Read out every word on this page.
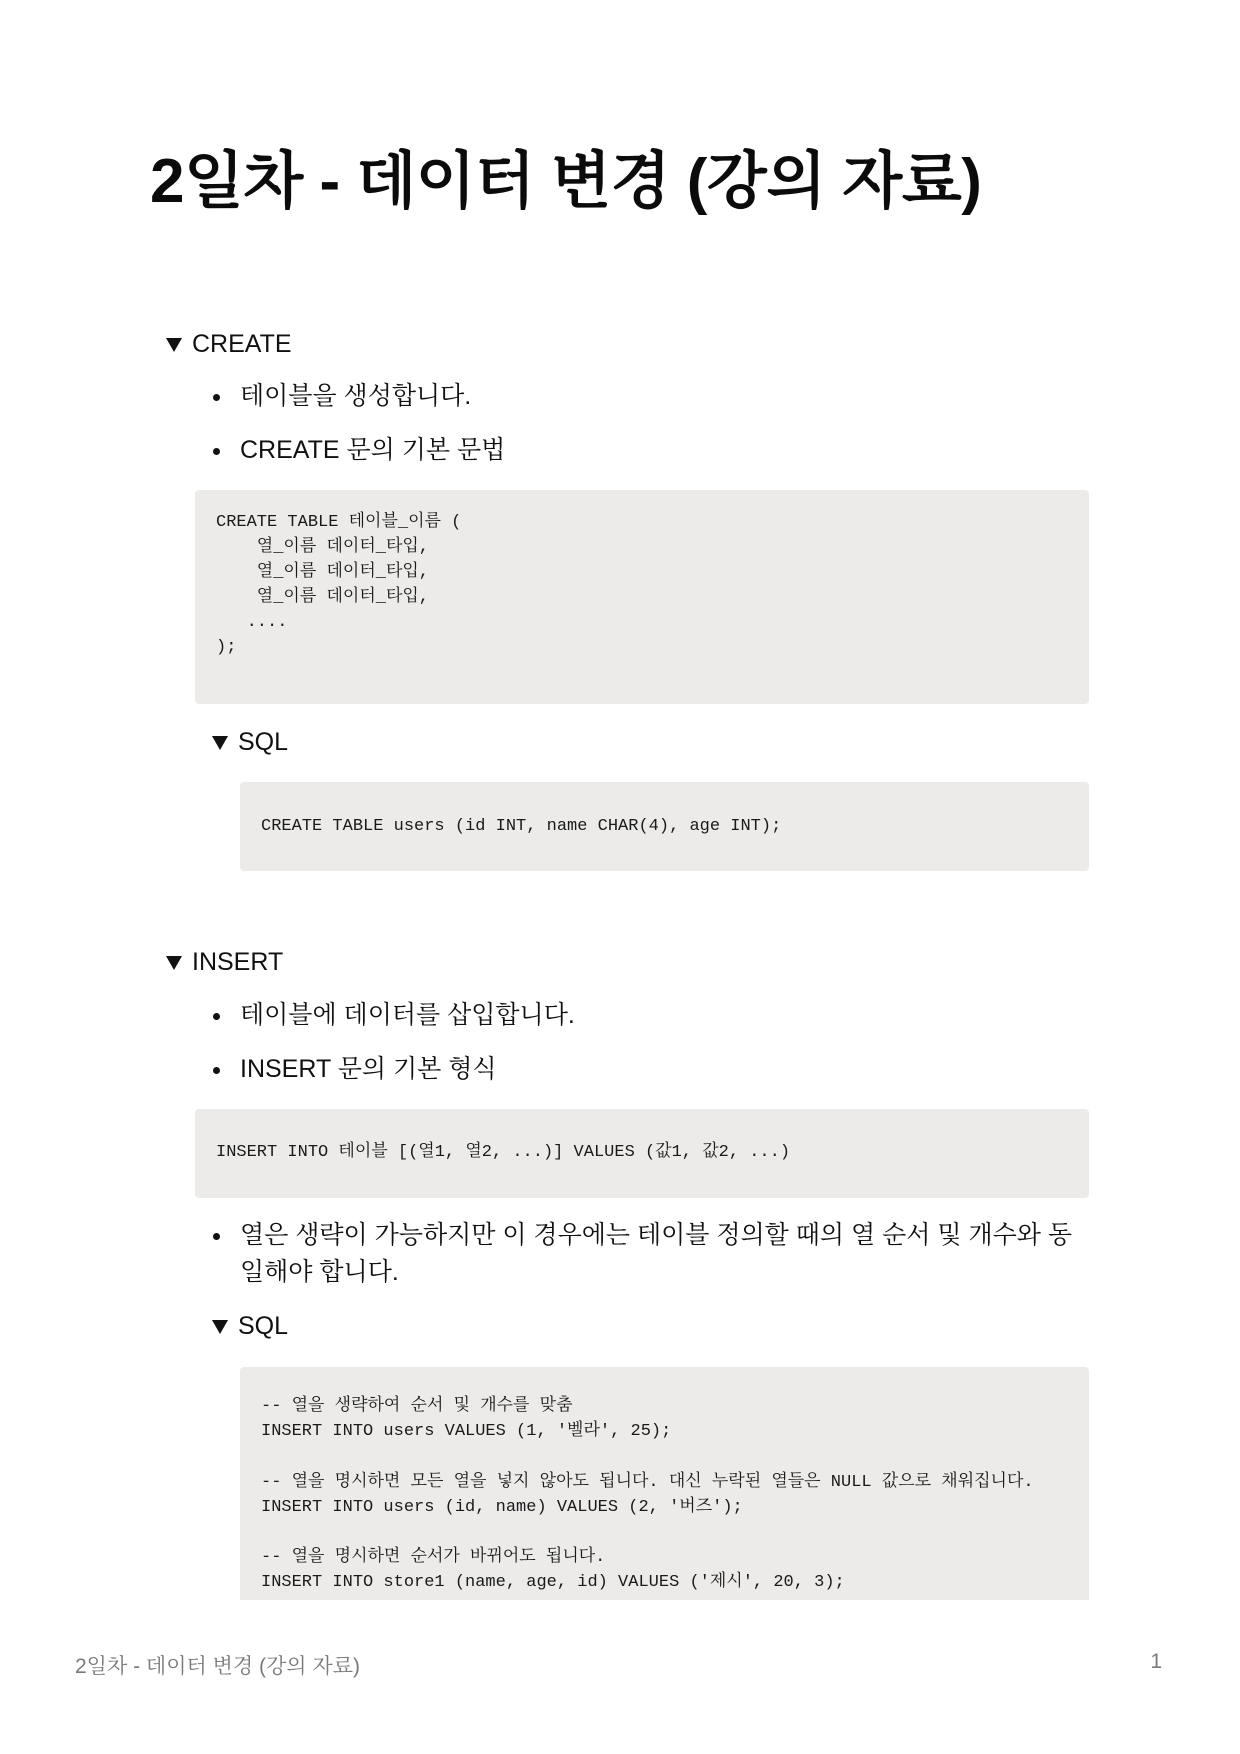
2일차 - 데이터 변경 (강의 자료)
CREATE
테이블을 생성합니다.
CREATE 문의 기본 문법
CREATE TABLE 테이블_이름 (
열_이름 데이터_타입,
열_이름 데이터_타입,
열_이름 데이터_타입,
....
);
SQL
CREATE TABLE users (id INT, name CHAR(4), age INT);
INSERT
테이블에 데이터를 삽입합니다.
INSERT 문의 기본 형식
INSERT INTO 테이블 [(열1, 열2, ...)] VALUES (값1, 값2, ...)
열은 생략이 가능하지만 이 경우에는 테이블 정의할 때의 열 순서 및 개수와 동일해야 합니다.
SQL
-- 열을 생략하여 순서 및 개수를 맞춤
INSERT INTO users VALUES (1, '벨라', 25);

-- 열을 명시하면 모든 열을 넣지 않아도 됩니다. 대신 누락된 열들은 NULL 값으로 채워집니다.
INSERT INTO users (id, name) VALUES (2, '버즈');

-- 열을 명시하면 순서가 바뀌어도 됩니다.
INSERT INTO store1 (name, age, id) VALUES ('제시', 20, 3);
2일차 - 데이터 변경 (강의 자료)	1
